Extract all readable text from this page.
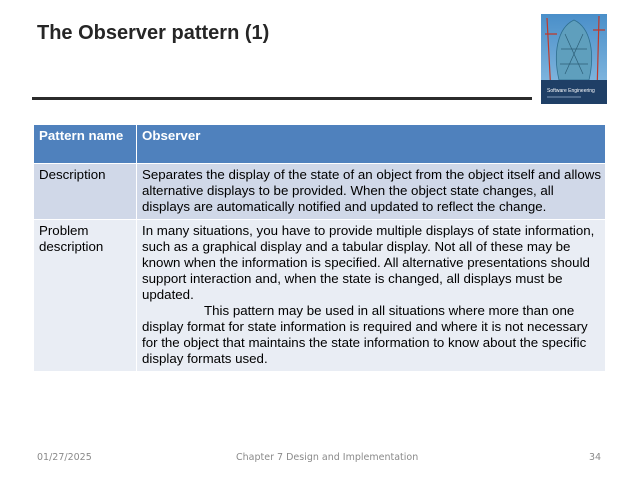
The Observer pattern (1)
Software Engineering
Pattern name	Observer
Description	Separates the display of the state of an object from the object itself and allows alternative displays to be provided. When the object state changes, all displays are automatically notified and updated to reflect the change.
Problem description	In many situations, you have to provide multiple displays of state information, such as a graphical display and a tabular display. Not all of these may be known when the information is specified. All alternative presentations should support interaction and, when the state is changed, all displays must be updated.
This pattern may be used in all situations where more than one display format for state information is required and where it is not necessary for the object that maintains the state information to know about the specific display formats used.
01/27/2025	Chapter 7 Design and Implementation	34
